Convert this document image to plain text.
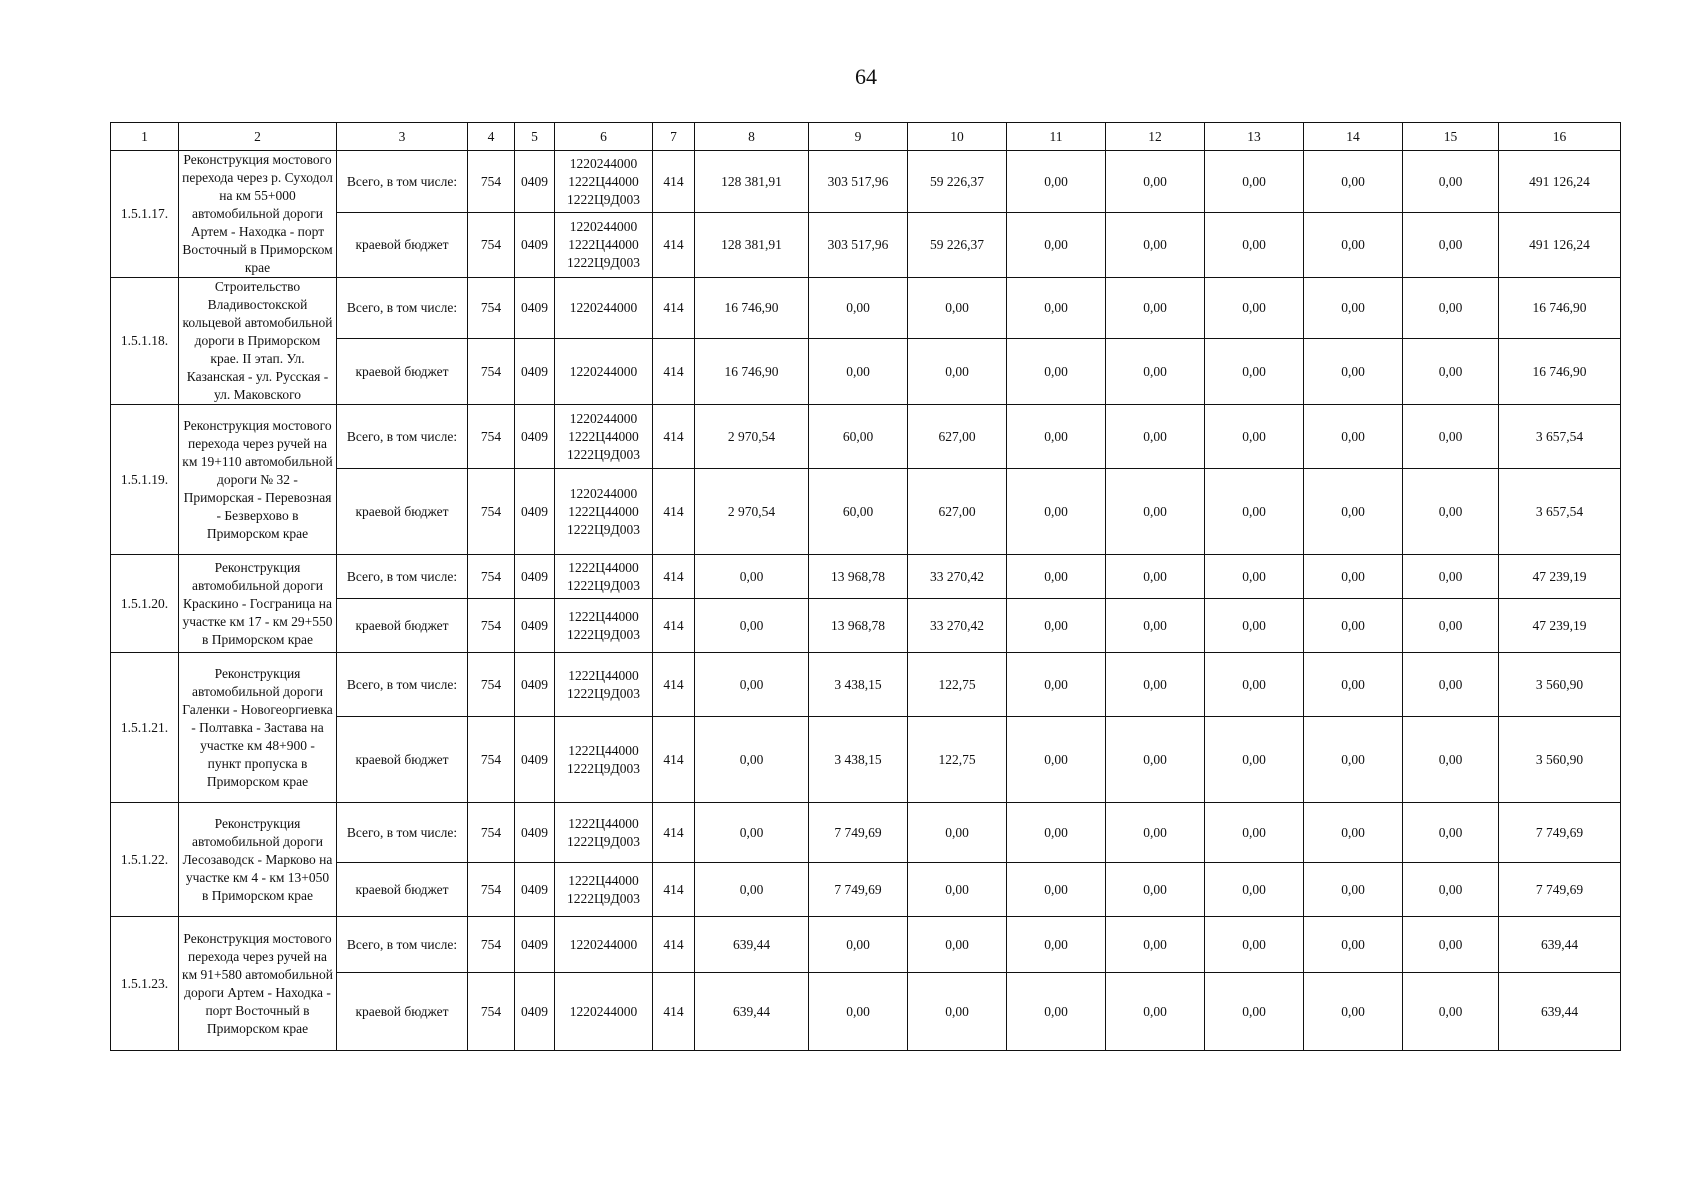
64
1	2	3	4	5	6	7	8	9	10	11	12	13	14	15	16
1.5.1.17.	Реконструкция мостового перехода через р. Суходол на км 55+000 автомобильной дороги Артем - Находка - порт Восточный в Приморском крае	Всего, в том числе:	754	0409	1220244000
1222Ц44000
1222Ц9Д003	414	128 381,91	303 517,96	59 226,37	0,00	0,00	0,00	0,00	0,00	491 126,24
		краевой бюджет	754	0409	1220244000
1222Ц44000
1222Ц9Д003	414	128 381,91	303 517,96	59 226,37	0,00	0,00	0,00	0,00	0,00	491 126,24
1.5.1.18.	Строительство Владивостокской кольцевой автомобильной дороги в Приморском крае. II этап. Ул. Казанская - ул. Русская - ул. Маковского	Всего, в том числе:	754	0409	1220244000	414	16 746,90	0,00	0,00	0,00	0,00	0,00	0,00	0,00	16 746,90
		краевой бюджет	754	0409	1220244000	414	16 746,90	0,00	0,00	0,00	0,00	0,00	0,00	0,00	16 746,90
1.5.1.19.	Реконструкция мостового перехода через ручей на км 19+110 автомобильной дороги № 32 - Приморская - Перевозная - Безверхово в Приморском крае	Всего, в том числе:	754	0409	1220244000
1222Ц44000
1222Ц9Д003	414	2 970,54	60,00	627,00	0,00	0,00	0,00	0,00	0,00	3 657,54
		краевой бюджет	754	0409	1220244000
1222Ц44000
1222Ц9Д003	414	2 970,54	60,00	627,00	0,00	0,00	0,00	0,00	0,00	3 657,54
1.5.1.20.	Реконструкция автомобильной дороги Краскино - Госграница на участке км 17 - км 29+550 в Приморском крае	Всего, в том числе:	754	0409	1222Ц44000
1222Ц9Д003	414	0,00	13 968,78	33 270,42	0,00	0,00	0,00	0,00	0,00	47 239,19
		краевой бюджет	754	0409	1222Ц44000
1222Ц9Д003	414	0,00	13 968,78	33 270,42	0,00	0,00	0,00	0,00	0,00	47 239,19
1.5.1.21.	Реконструкция автомобильной дороги Галенки - Новогеоргиевка - Полтавка - Застава на участке км 48+900 - пункт пропуска в Приморском крае	Всего, в том числе:	754	0409	1222Ц44000
1222Ц9Д003	414	0,00	3 438,15	122,75	0,00	0,00	0,00	0,00	0,00	3 560,90
		краевой бюджет	754	0409	1222Ц44000
1222Ц9Д003	414	0,00	3 438,15	122,75	0,00	0,00	0,00	0,00	0,00	3 560,90
1.5.1.22.	Реконструкция автомобильной дороги Лесозаводск - Марково на участке км 4 - км 13+050 в Приморском крае	Всего, в том числе:	754	0409	1222Ц44000
1222Ц9Д003	414	0,00	7 749,69	0,00	0,00	0,00	0,00	0,00	0,00	7 749,69
		краевой бюджет	754	0409	1222Ц44000
1222Ц9Д003	414	0,00	7 749,69	0,00	0,00	0,00	0,00	0,00	0,00	7 749,69
1.5.1.23.	Реконструкция мостового перехода через ручей на км 91+580 автомобильной дороги Артем - Находка - порт Восточный в Приморском крае	Всего, в том числе:	754	0409	1220244000	414	639,44	0,00	0,00	0,00	0,00	0,00	0,00	0,00	639,44
		краевой бюджет	754	0409	1220244000	414	639,44	0,00	0,00	0,00	0,00	0,00	0,00	0,00	639,44
